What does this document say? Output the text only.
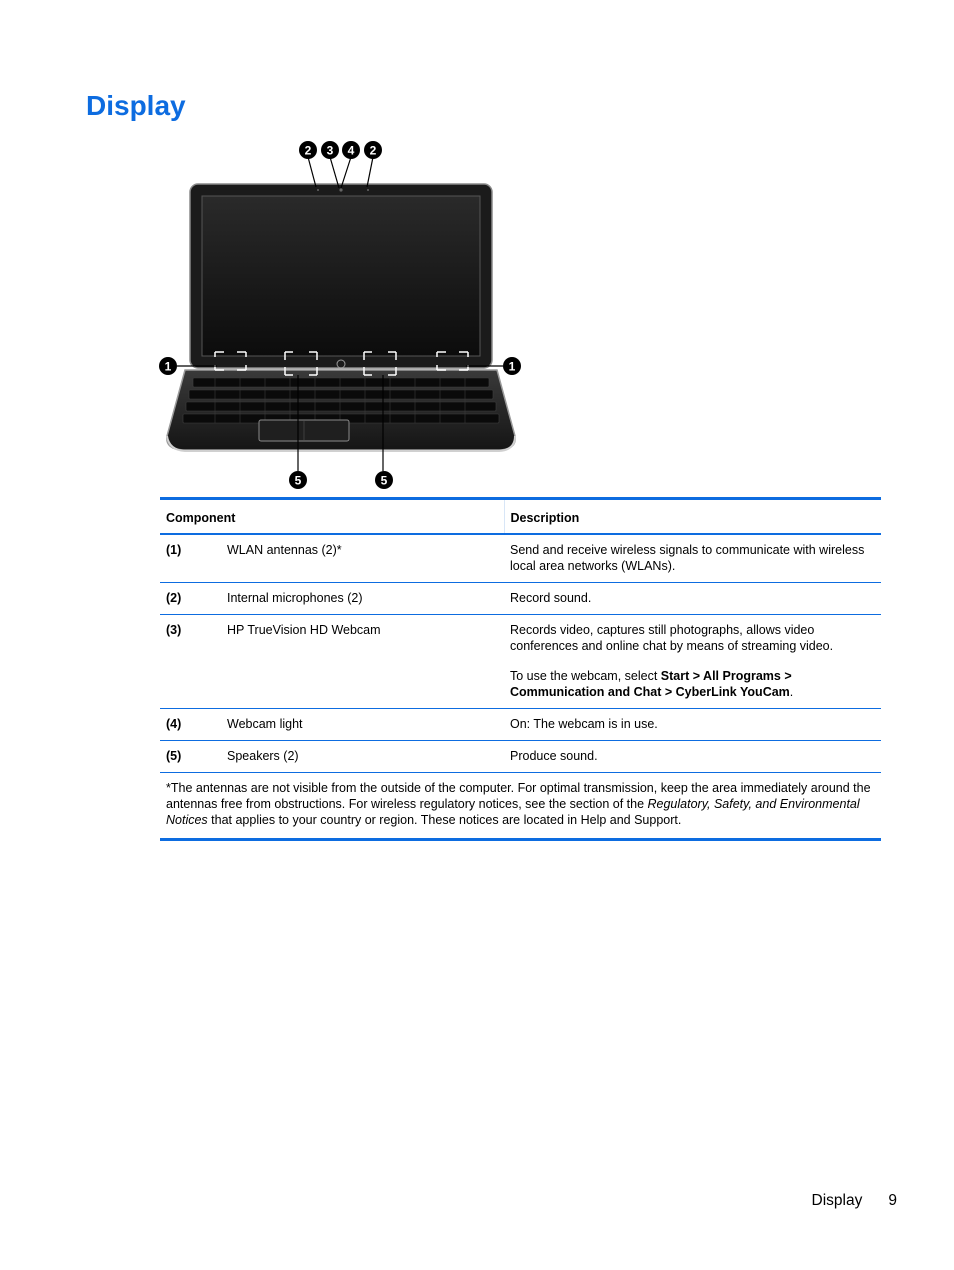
Display
2 3 4 2
1	1
5	5
Component		Description
(1)	WLAN antennas (2)*	Send and receive wireless signals to communicate with wireless local area networks (WLANs).
(2)	Internal microphones (2)	Record sound.
(3)	HP TrueVision HD Webcam	Records video, captures still photographs, allows video conferences and online chat by means of streaming video.

To use the webcam, select Start > All Programs > Communication and Chat > CyberLink YouCam.

(4)	Webcam light	On: The webcam is in use.
(5)	Speakers (2)	Produce sound.
*The antennas are not visible from the outside of the computer. For optimal transmission, keep the area immediately around the antennas free from obstructions. For wireless regulatory notices, see the section of the Regulatory, Safety, and Environmental Notices that applies to your country or region. These notices are located in Help and Support.		
Display 9
